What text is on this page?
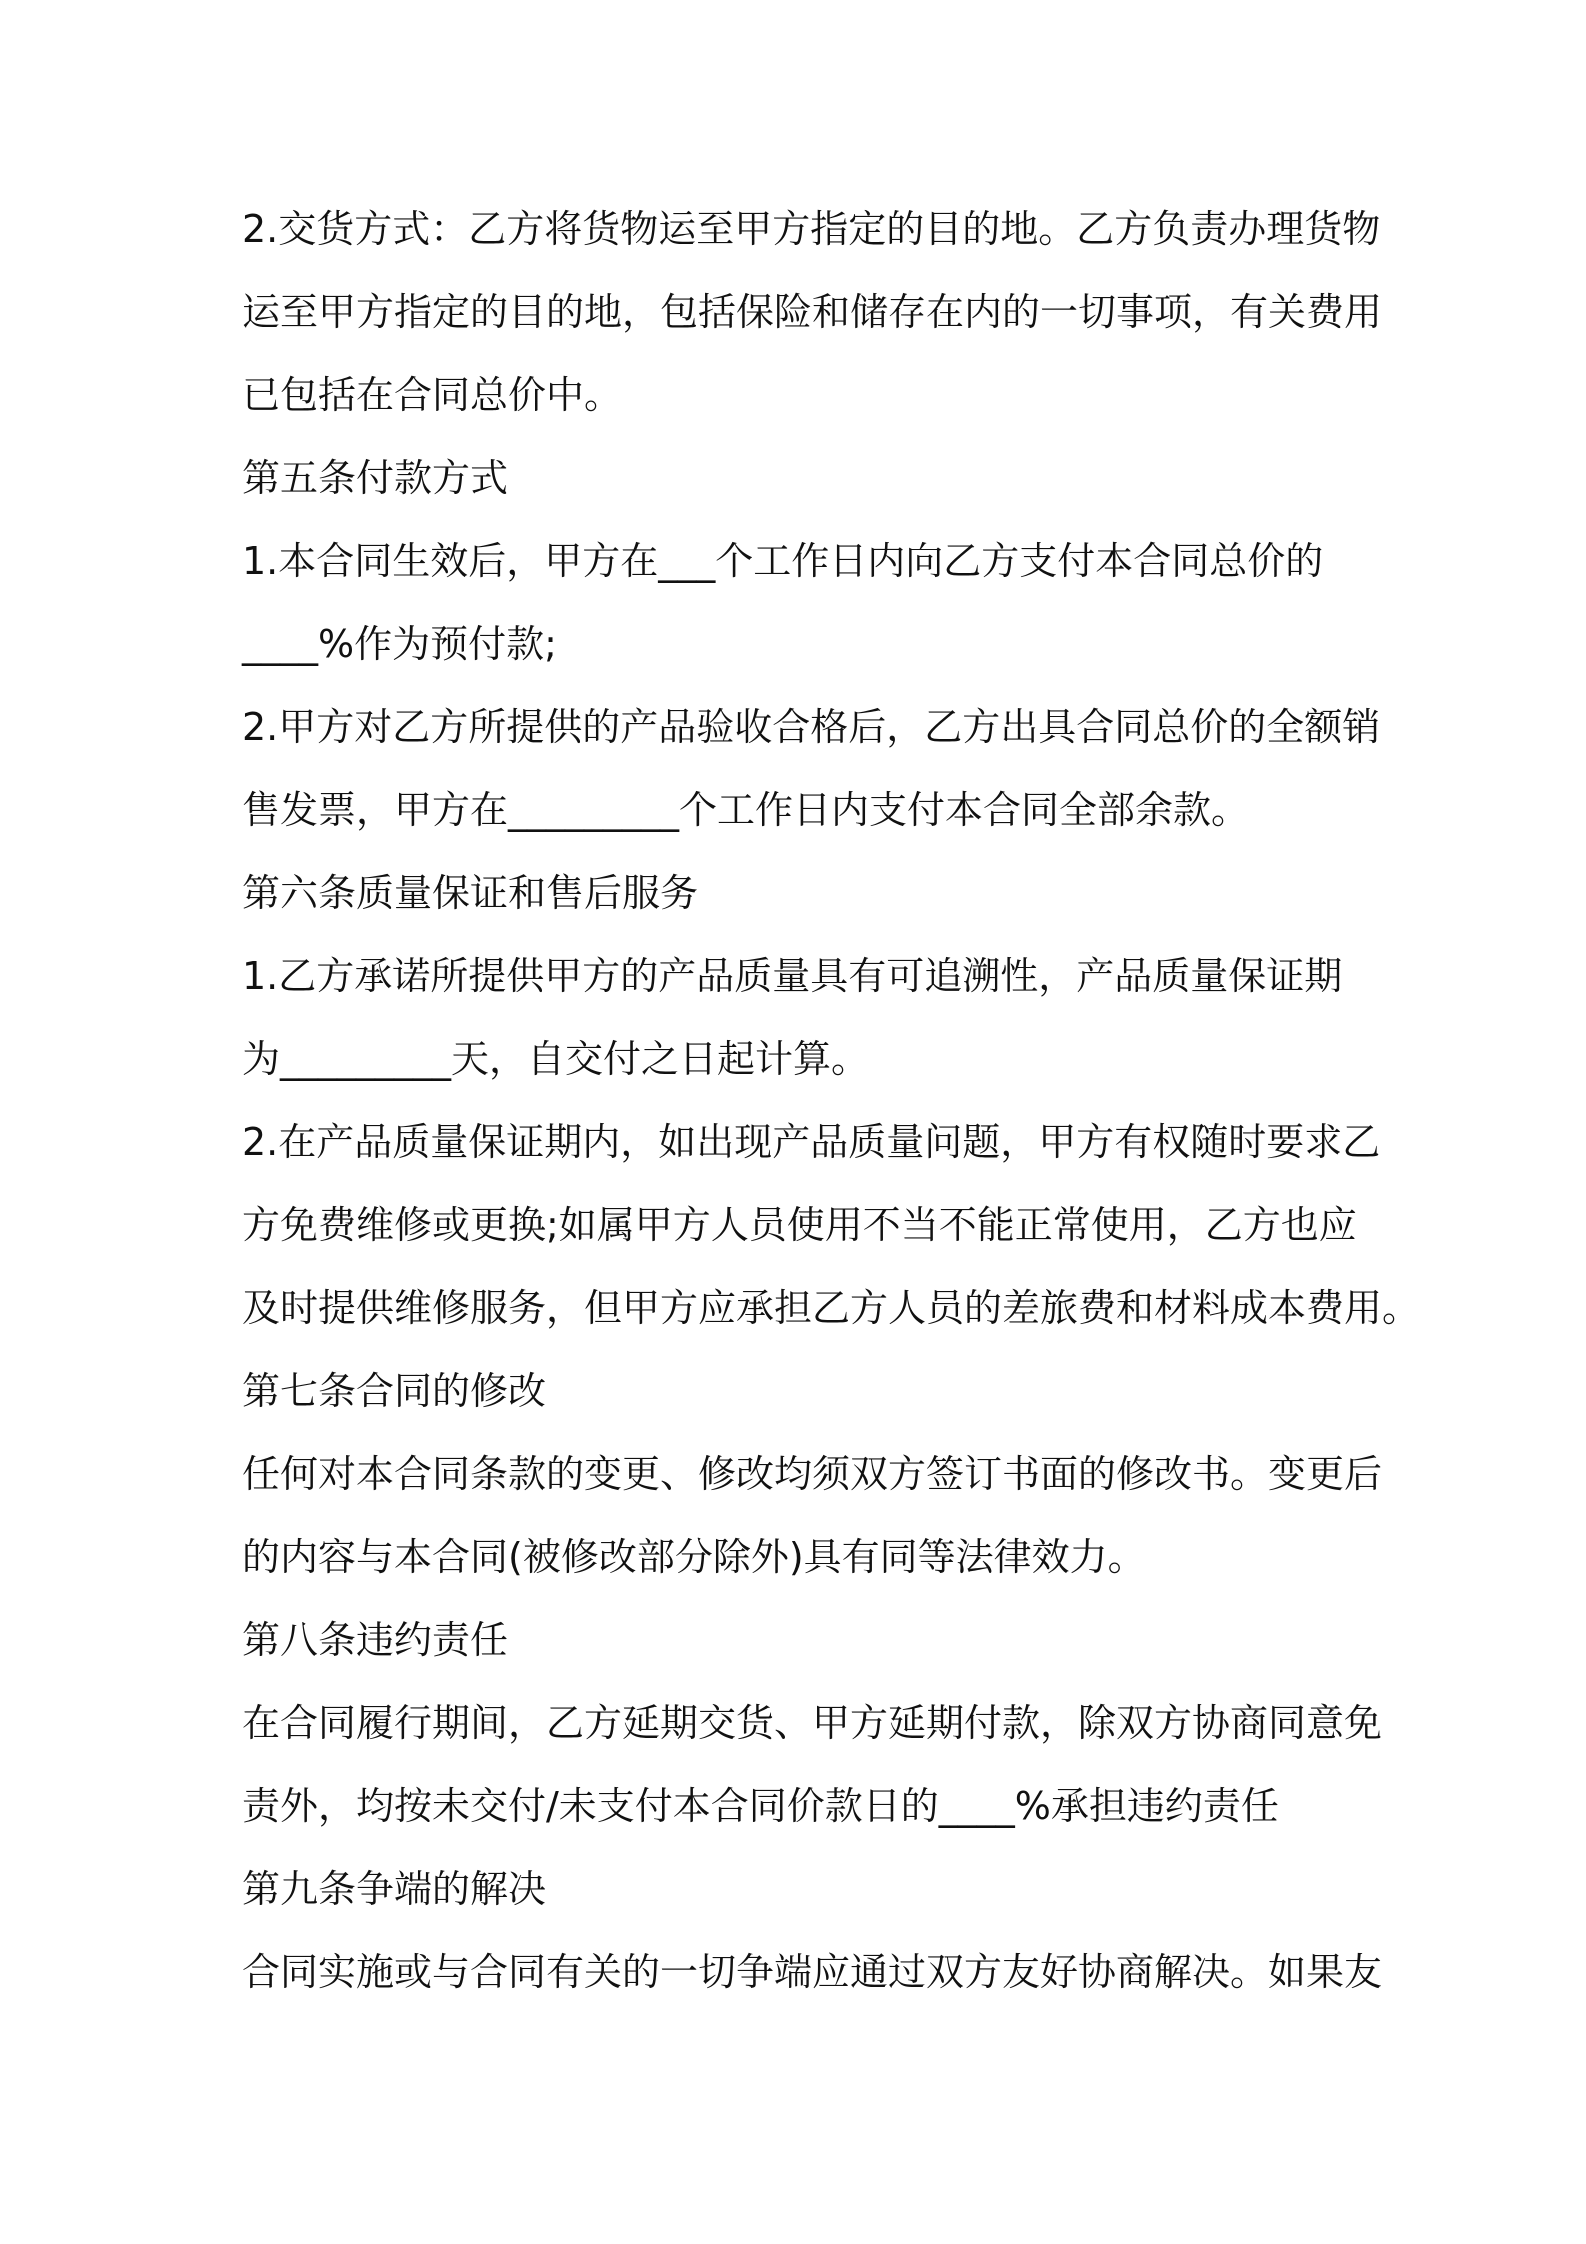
2.交货方式：乙方将货物运至甲方指定的目的地。乙方负责办理货物
运至甲方指定的目的地，包括保险和储存在内的一切事项，有关费用
已包括在合同总价中。
第五条付款方式
1.本合同生效后，甲方在___个工作日内向乙方支付本合同总价的
____%作为预付款;
2.甲方对乙方所提供的产品验收合格后，乙方出具合同总价的全额销
售发票，甲方在_________个工作日内支付本合同全部余款。
第六条质量保证和售后服务
1.乙方承诺所提供甲方的产品质量具有可追溯性，产品质量保证期
为_________天，自交付之日起计算。
2.在产品质量保证期内，如出现产品质量问题，甲方有权随时要求乙
方免费维修或更换;如属甲方人员使用不当不能正常使用，乙方也应
及时提供维修服务，但甲方应承担乙方人员的差旅费和材料成本费用。
第七条合同的修改
任何对本合同条款的变更、修改均须双方签订书面的修改书。变更后
的内容与本合同(被修改部分除外)具有同等法律效力。
第八条违约责任
在合同履行期间，乙方延期交货、甲方延期付款，除双方协商同意免
责外，均按未交付/未支付本合同价款日的____%承担违约责任
第九条争端的解决
合同实施或与合同有关的一切争端应通过双方友好协商解决。如果友
